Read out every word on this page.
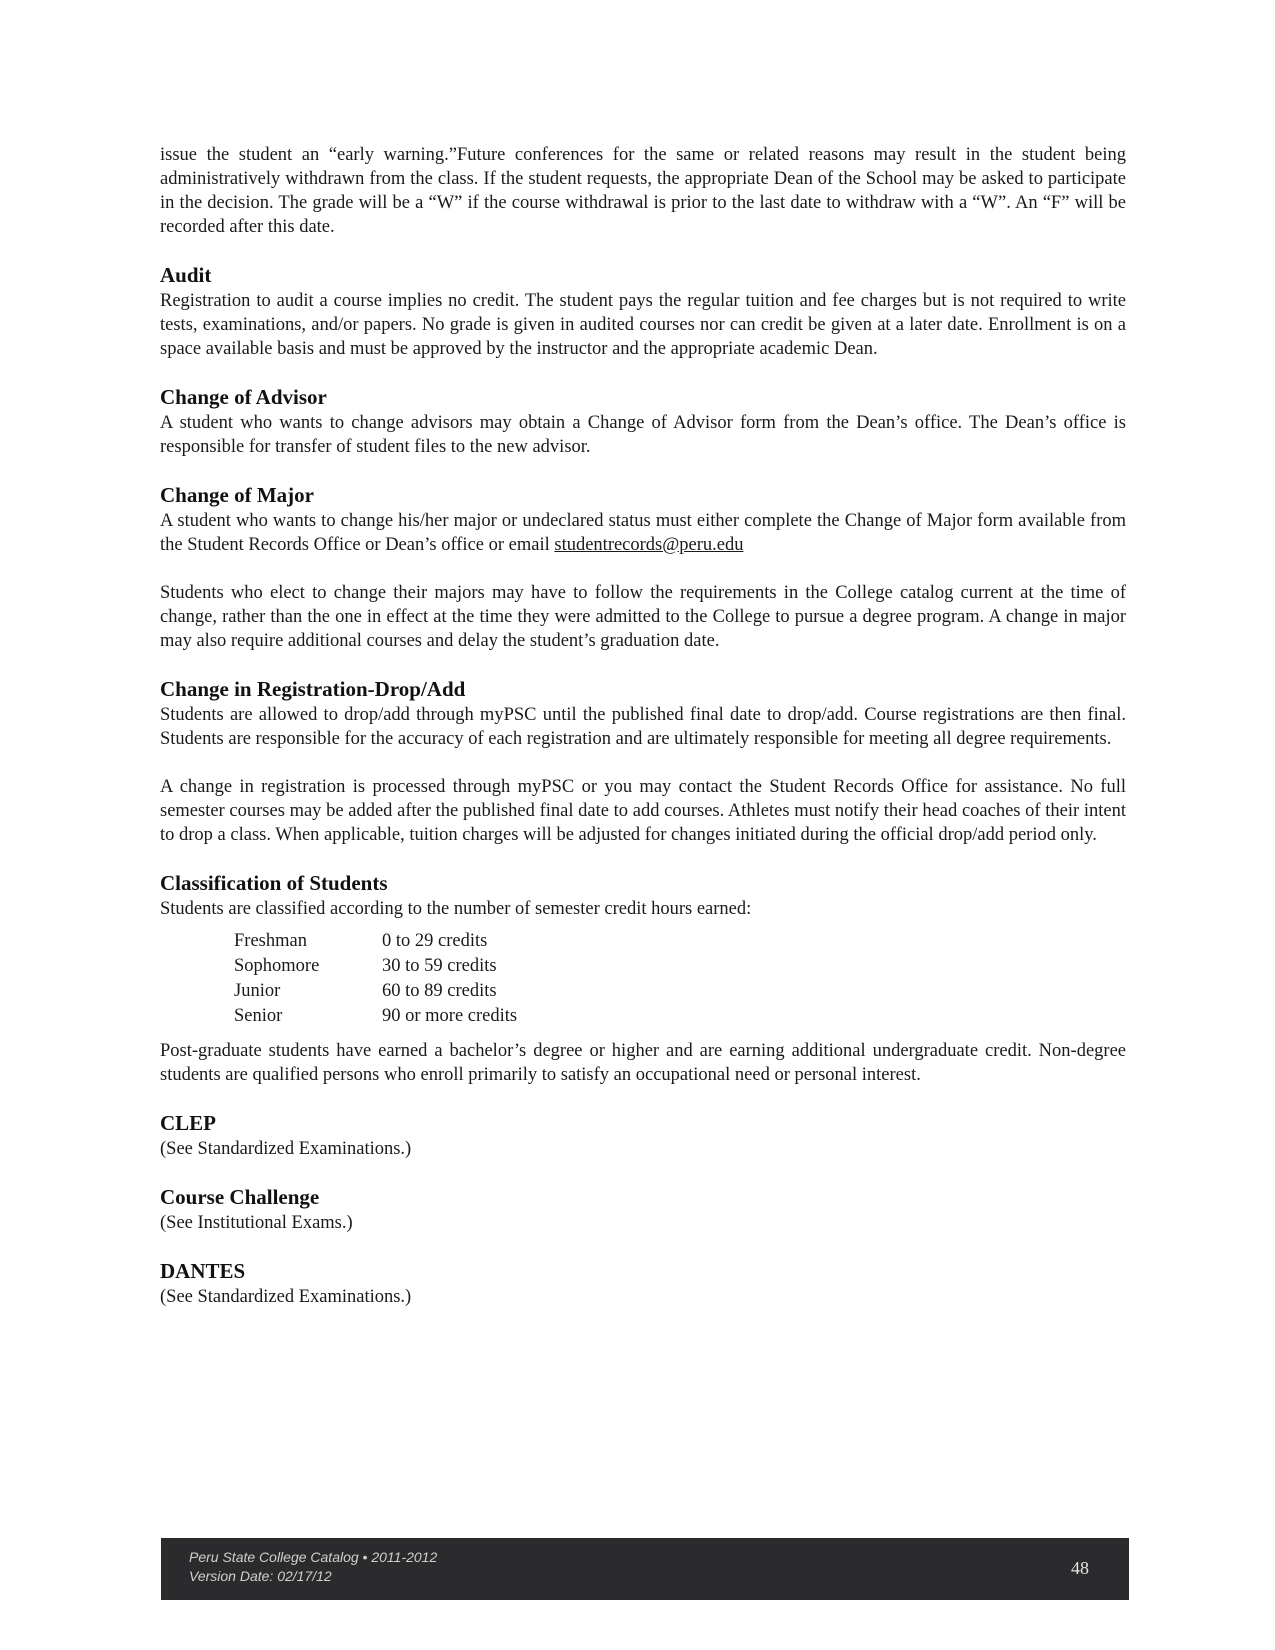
issue the student an “early warning.”Future conferences for the same or related reasons may result in the student being administratively withdrawn from the class. If the student requests, the appropriate Dean of the School may be asked to participate in the decision. The grade will be a “W” if the course withdrawal is prior to the last date to withdraw with a “W”. An “F” will be recorded after this date.

Audit

Registration to audit a course implies no credit. The student pays the regular tuition and fee charges but is not required to write tests, examinations, and/or papers. No grade is given in audited courses nor can credit be given at a later date. Enrollment is on a space available basis and must be approved by the instructor and the appropriate academic Dean.

Change of Advisor

A student who wants to change advisors may obtain a Change of Advisor form from the Dean’s office. The Dean’s office is responsible for transfer of student files to the new advisor.

Change of Major

A student who wants to change his/her major or undeclared status must either complete the Change of Major form available from the Student Records Office or Dean’s office or email studentrecords@peru.edu

Students who elect to change their majors may have to follow the requirements in the College catalog current at the time of change, rather than the one in effect at the time they were admitted to the College to pursue a degree program. A change in major may also require additional courses and delay the student’s graduation date.

Change in Registration-Drop/Add

Students are allowed to drop/add through myPSC until the published final date to drop/add. Course registrations are then final. Students are responsible for the accuracy of each registration and are ultimately responsible for meeting all degree requirements.

A change in registration is processed through myPSC or you may contact the Student Records Office for assistance. No full semester courses may be added after the published final date to add courses. Athletes must notify their head coaches of their intent to drop a class. When applicable, tuition charges will be adjusted for changes initiated during the official drop/add period only.

Classification of Students

Students are classified according to the number of semester credit hours earned:

Freshman	0 to 29 credits
Sophomore	30 to 59 credits
Junior	60 to 89 credits
Senior	90 or more credits

Post-graduate students have earned a bachelor’s degree or higher and are earning additional undergraduate credit. Non-degree students are qualified persons who enroll primarily to satisfy an occupational need or personal interest.

CLEP

(See Standardized Examinations.)

Course Challenge

(See Institutional Exams.)

DANTES

(See Standardized Examinations.)

Peru State College Catalog • 2011-2012
Version Date: 02/17/12	48
